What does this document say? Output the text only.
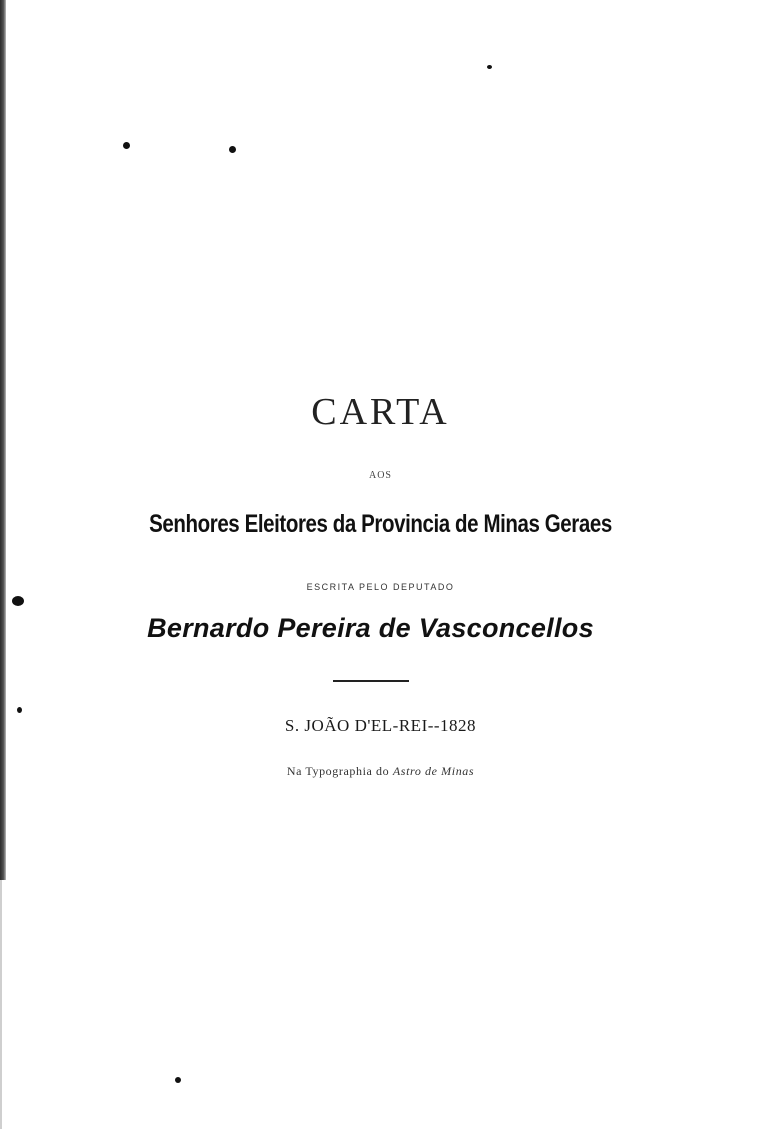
CARTA
AOS
Senhores Eleitores da Provincia de Minas Geraes
ESCRITA PELO DEPUTADO
Bernardo Pereira de Vasconcellos
S. JOÃO D'EL-REI--1828
Na Typographia do Astro de Minas
